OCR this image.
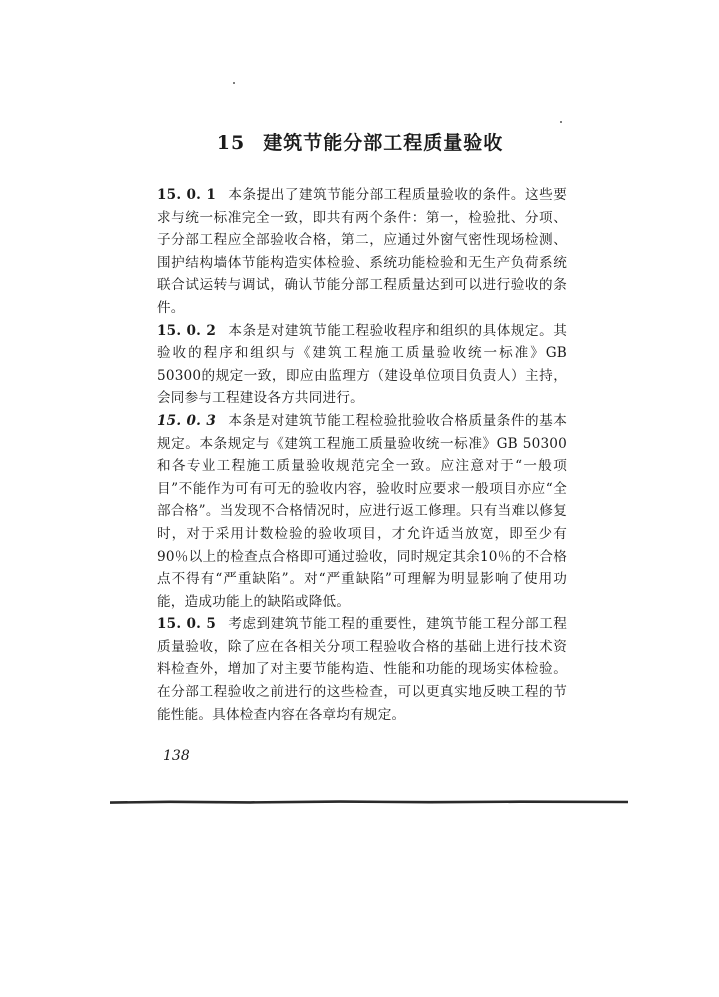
15 建筑节能分部工程质量验收

15. 0. 1 本条提出了建筑节能分部工程质量验收的条件。这些要求与统一标准完全一致，即共有两个条件：第一，检验批、分项、子分部工程应全部验收合格，第二，应通过外窗气密性现场检测、围护结构墙体节能构造实体检验、系统功能检验和无生产负荷系统联合试运转与调试，确认节能分部工程质量达到可以进行验收的条件。

15. 0. 2 本条是对建筑节能工程验收程序和组织的具体规定。其验收的程序和组织与《建筑工程施工质量验收统一标准》GB 50300的规定一致，即应由监理方（建设单位项目负责人）主持，会同参与工程建设各方共同进行。

15. 0. 3 本条是对建筑节能工程检验批验收合格质量条件的基本规定。本条规定与《建筑工程施工质量验收统一标准》GB 50300和各专业工程施工质量验收规范完全一致。应注意对于“一般项目”不能作为可有可无的验收内容，验收时应要求一般项目亦应“全部合格”。当发现不合格情况时，应进行返工修理。只有当难以修复时，对于采用计数检验的验收项目，才允许适当放宽，即至少有90％以上的检查点合格即可通过验收，同时规定其余10％的不合格点不得有“严重缺陷”。对“严重缺陷”可理解为明显影响了使用功能，造成功能上的缺陷或降低。

15. 0. 5 考虑到建筑节能工程的重要性，建筑节能工程分部工程质量验收，除了应在各相关分项工程验收合格的基础上进行技术资料检查外，增加了对主要节能构造、性能和功能的现场实体检验。在分部工程验收之前进行的这些检查，可以更真实地反映工程的节能性能。具体检查内容在各章均有规定。

138
